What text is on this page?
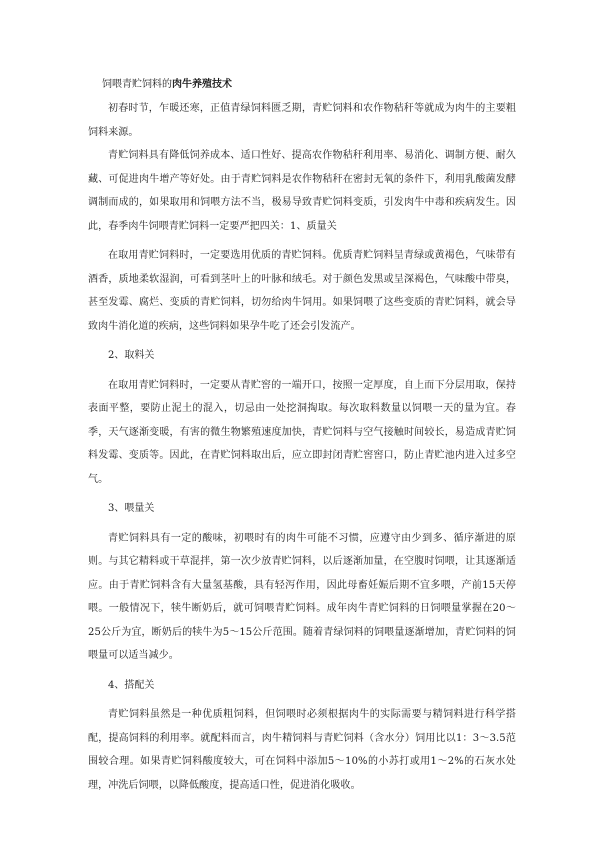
饲喂青贮饲料的肉牛养殖技术

初春时节，乍暖还寒，正值青绿饲料匮乏期，青贮饲料和农作物秸秆等就成为肉牛的主要粗饲料来源。

青贮饲料具有降低饲养成本、适口性好、提高农作物秸秆利用率、易消化、调制方便、耐久藏、可促进肉牛增产等好处。由于青贮饲料是农作物秸秆在密封无氧的条件下，利用乳酸菌发酵调制而成的，如果取用和饲喂方法不当，极易导致青贮饲料变质，引发肉牛中毒和疾病发生。因此，春季肉牛饲喂青贮饲料一定要严把四关：1、质量关

在取用青贮饲料时，一定要选用优质的青贮饲料。优质青贮饲料呈青绿或黄褐色，气味带有酒香，质地柔软湿润，可看到茎叶上的叶脉和绒毛。对于颜色发黑或呈深褐色，气味酸中带臭，甚至发霉、腐烂、变质的青贮饲料，切勿给肉牛饲用。如果饲喂了这些变质的青贮饲料，就会导致肉牛消化道的疾病，这些饲料如果孕牛吃了还会引发流产。

2、取料关

在取用青贮饲料时，一定要从青贮窖的一端开口，按照一定厚度，自上而下分层用取，保持表面平整，要防止泥土的混入，切忌由一处挖洞掏取。每次取料数量以饲喂一天的量为宜。春季，天气逐渐变暖，有害的微生物繁殖速度加快，青贮饲料与空气接触时间较长，易造成青贮饲料发霉、变质等。因此，在青贮饲料取出后，应立即封闭青贮窖窖口，防止青贮池内进入过多空气。

3、喂量关

青贮饲料具有一定的酸味，初喂时有的肉牛可能不习惯，应遵守由少到多、循序渐进的原则。与其它精料或干草混拌，第一次少放青贮饲料，以后逐渐加量，在空腹时饲喂，让其逐渐适应。由于青贮饲料含有大量氢基酸，具有轻泻作用，因此母畜妊娠后期不宜多喂，产前15天停喂。一般情况下，犊牛断奶后，就可饲喂青贮饲料。成年肉牛青贮饲料的日饲喂量掌握在20～25公斤为宜，断奶后的犊牛为5～15公斤范围。随着青绿饲料的饲喂量逐渐增加，青贮饲料的饲喂量可以适当减少。

4、搭配关

青贮饲料虽然是一种优质粗饲料，但饲喂时必须根据肉牛的实际需要与精饲料进行科学搭配，提高饲料的利用率。就配料而言，肉牛精饲料与青贮饲料（含水分）饲用比以1：3～3.5范围较合理。如果青贮饲料酸度较大，可在饲料中添加5～10%的小苏打或用1～2%的石灰水处理，冲洗后饲喂，以降低酸度，提高适口性，促进消化吸收。
